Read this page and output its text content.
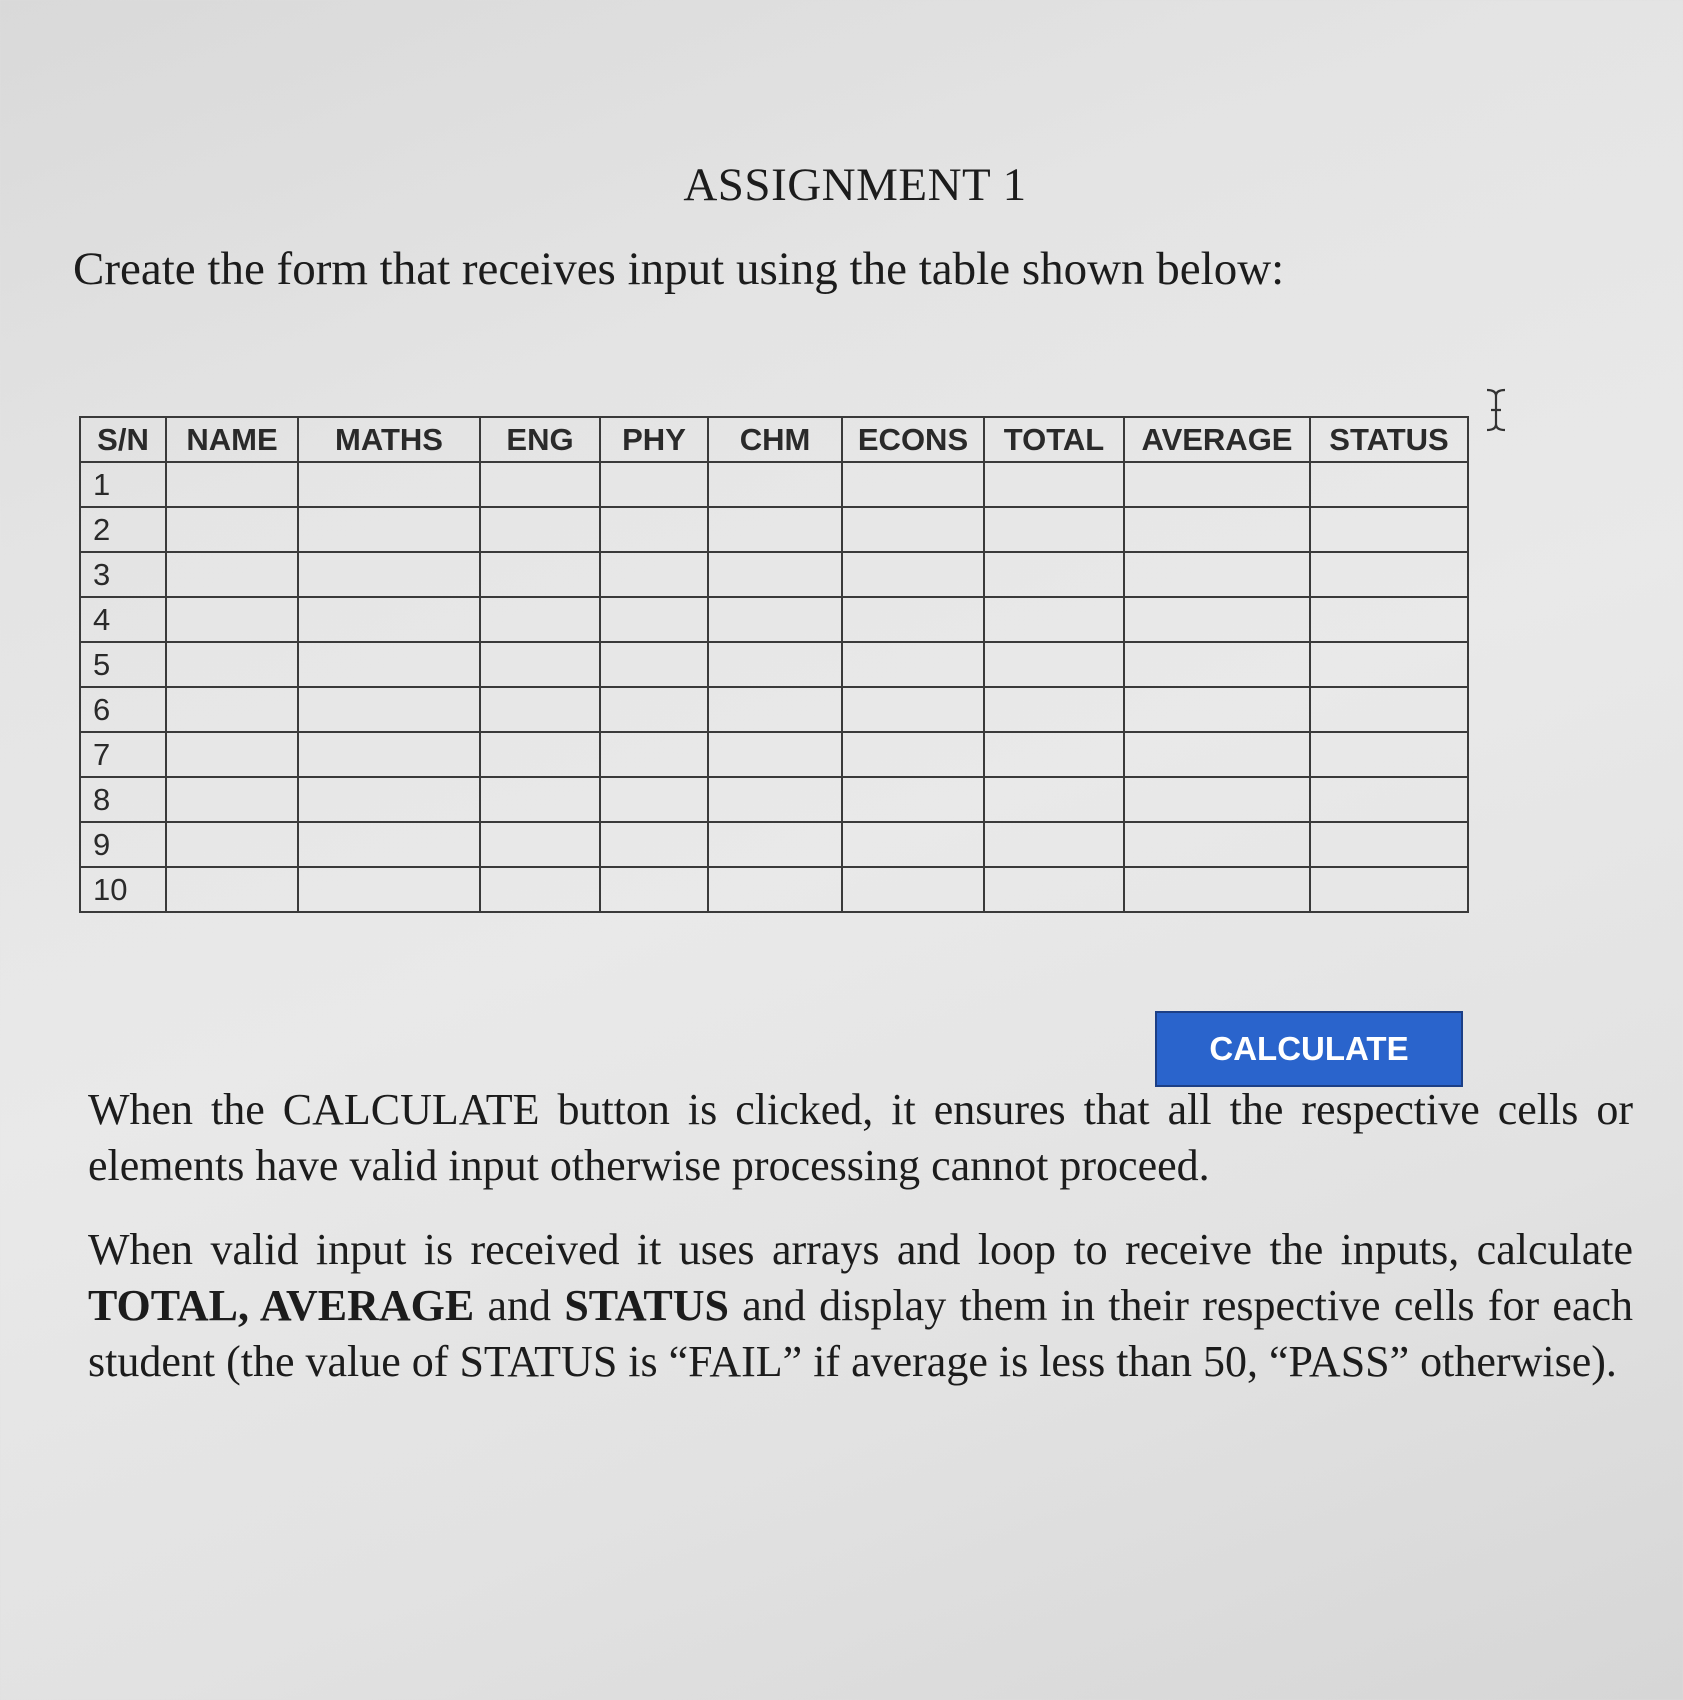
ASSIGNMENT 1

Create the form that receives input using the table shown below:

S/N	NAME	MATHS	ENG	PHY	CHM	ECONS	TOTAL	AVERAGE	STATUS
1									
2									
3									
4									
5									
6									
7									
8									
9									
10									
CALCULATE

When the CALCULATE button is clicked, it ensures that all the respective cells or elements have valid input otherwise processing cannot proceed.

When valid input is received it uses arrays and loop to receive the inputs, calculate TOTAL, AVERAGE and STATUS and display them in their respective cells for each student (the value of STATUS is “FAIL” if average is less than 50, “PASS” otherwise).
